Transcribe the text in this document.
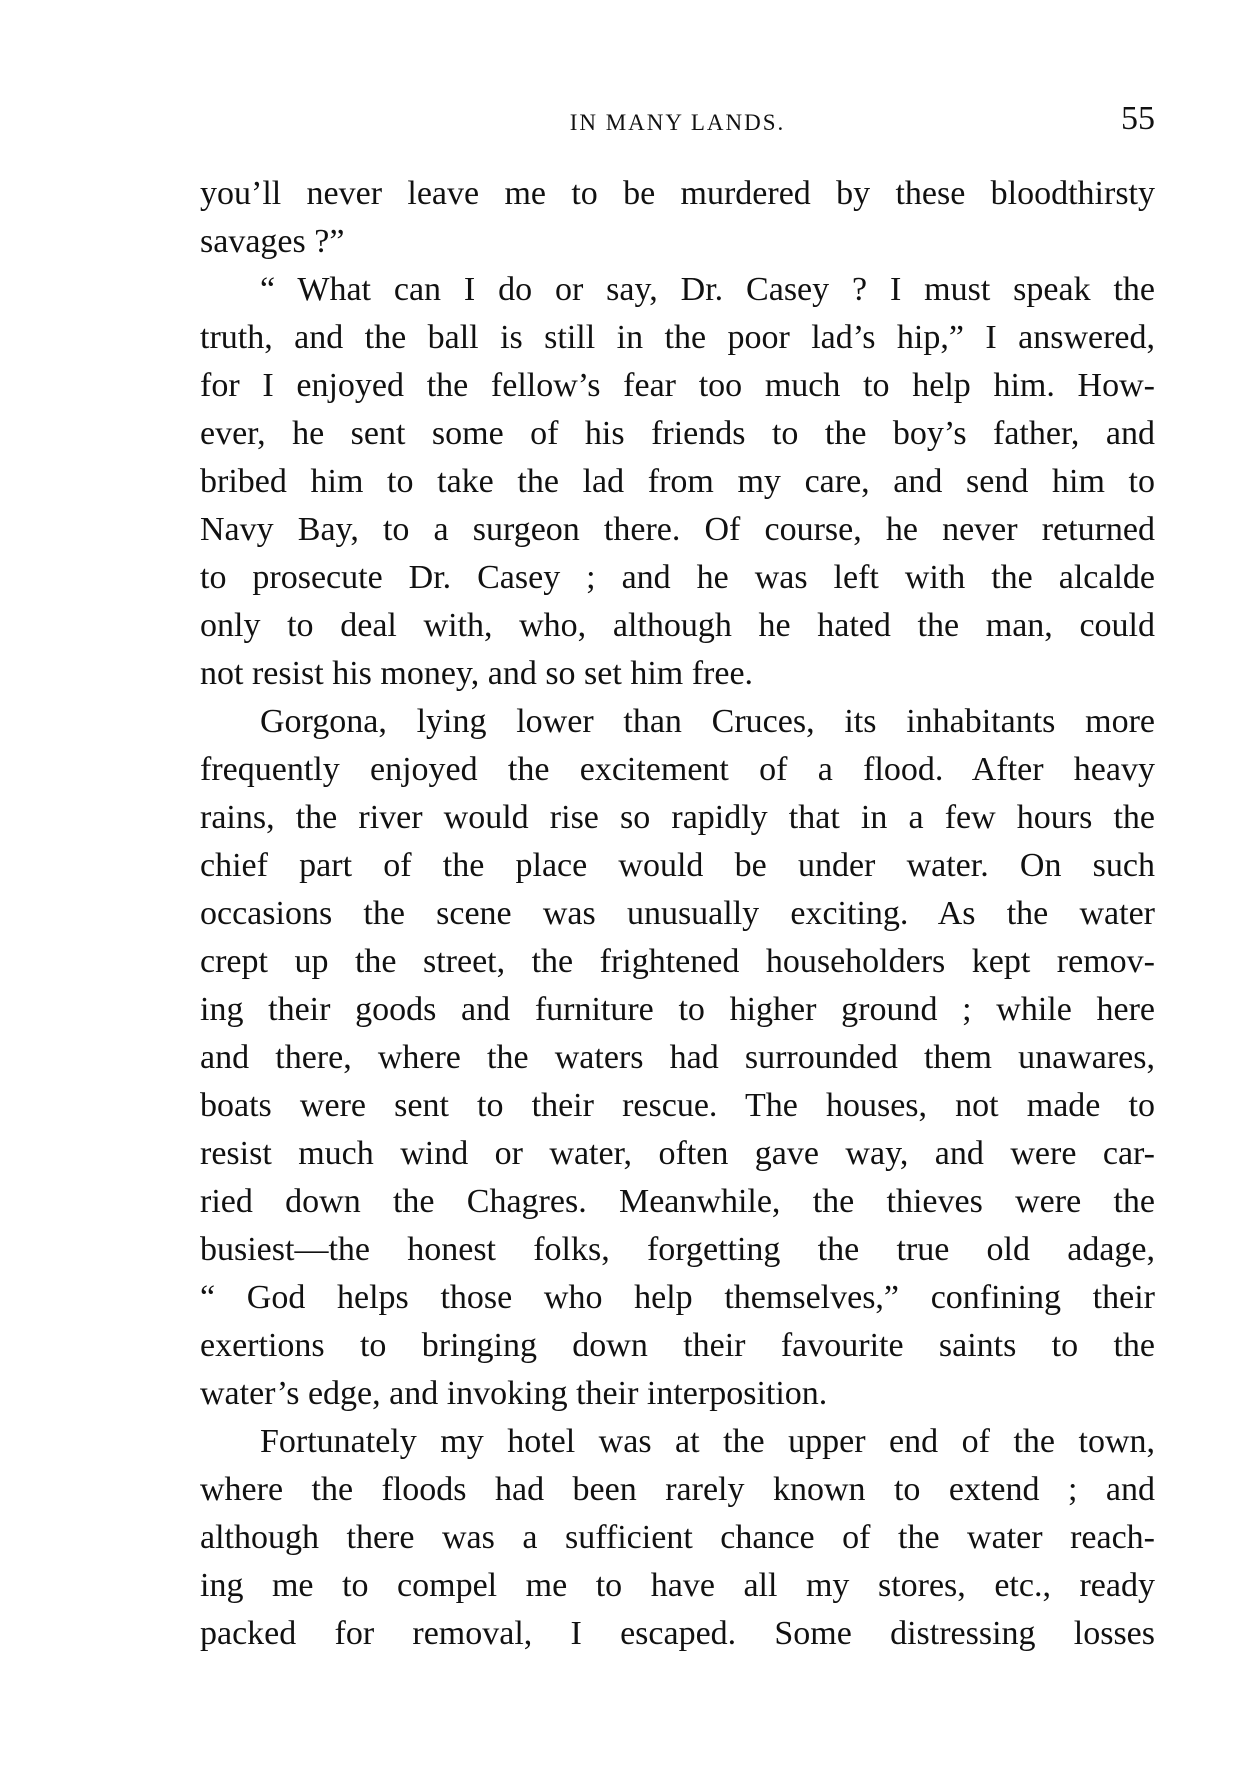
IN MANY LANDS.	55
you’ll never leave me to be murdered by these bloodthirsty
savages ?”
“ What can I do or say, Dr. Casey ? I must speak the
truth, and the ball is still in the poor lad’s hip,” I answered,
for I enjoyed the fellow’s fear too much to help him. How-
ever, he sent some of his friends to the boy’s father, and
bribed him to take the lad from my care, and send him to
Navy Bay, to a surgeon there. Of course, he never returned
to prosecute Dr. Casey ; and he was left with the alcalde
only to deal with, who, although he hated the man, could
not resist his money, and so set him free.
Gorgona, lying lower than Cruces, its inhabitants more
frequently enjoyed the excitement of a flood. After heavy
rains, the river would rise so rapidly that in a few hours the
chief part of the place would be under water. On such
occasions the scene was unusually exciting. As the water
crept up the street, the frightened householders kept remov-
ing their goods and furniture to higher ground ; while here
and there, where the waters had surrounded them unawares,
boats were sent to their rescue. The houses, not made to
resist much wind or water, often gave way, and were car-
ried down the Chagres. Meanwhile, the thieves were the
busiest—the honest folks, forgetting the true old adage,
“ God helps those who help themselves,” confining their
exertions to bringing down their favourite saints to the
water’s edge, and invoking their interposition.
Fortunately my hotel was at the upper end of the town,
where the floods had been rarely known to extend ; and
although there was a sufficient chance of the water reach-
ing me to compel me to have all my stores, etc., ready
packed for removal, I escaped. Some distressing losses
